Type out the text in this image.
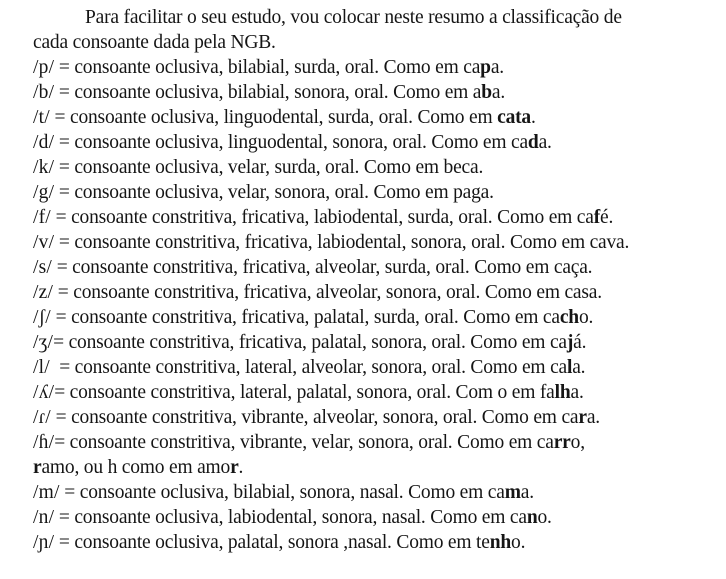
Para facilitar o seu estudo, vou colocar neste resumo a classificação de
cada consoante dada pela NGB.
/p/ = consoante oclusiva, bilabial, surda, oral. Como em capa.
/b/ = consoante oclusiva, bilabial, sonora, oral. Como em aba.
/t/ = consoante oclusiva, linguodental, surda, oral. Como em cata.
/d/ = consoante oclusiva, linguodental, sonora, oral. Como em cada.
/k/ = consoante oclusiva, velar, surda, oral. Como em beca.
/g/ = consoante oclusiva, velar, sonora, oral. Como em paga.
/f/ = consoante constritiva, fricativa, labiodental, surda, oral. Como em café.
/v/ = consoante constritiva, fricativa, labiodental, sonora, oral. Como em cava.
/s/ = consoante constritiva, fricativa, alveolar, surda, oral. Como em caça.
/z/ = consoante constritiva, fricativa, alveolar, sonora, oral. Como em casa.
/ʃ/ = consoante constritiva, fricativa, palatal, surda, oral. Como em cacho.
/ʒ/= consoante constritiva, fricativa, palatal, sonora, oral. Como em cajá.
/l/  = consoante constritiva, lateral, alveolar, sonora, oral. Como em cala.
/ʎ/= consoante constritiva, lateral, palatal, sonora, oral. Com o em falha.
/ɾ/ = consoante constritiva, vibrante, alveolar, sonora, oral. Como em cara.
/ɦ/= consoante constritiva, vibrante, velar, sonora, oral. Como em carro,
ramo, ou h como em amor.
/m/ = consoante oclusiva, bilabial, sonora, nasal. Como em cama.
/n/ = consoante oclusiva, labiodental, sonora, nasal. Como em cano.
/ɲ/ = consoante oclusiva, palatal, sonora ,nasal. Como em tenho.
